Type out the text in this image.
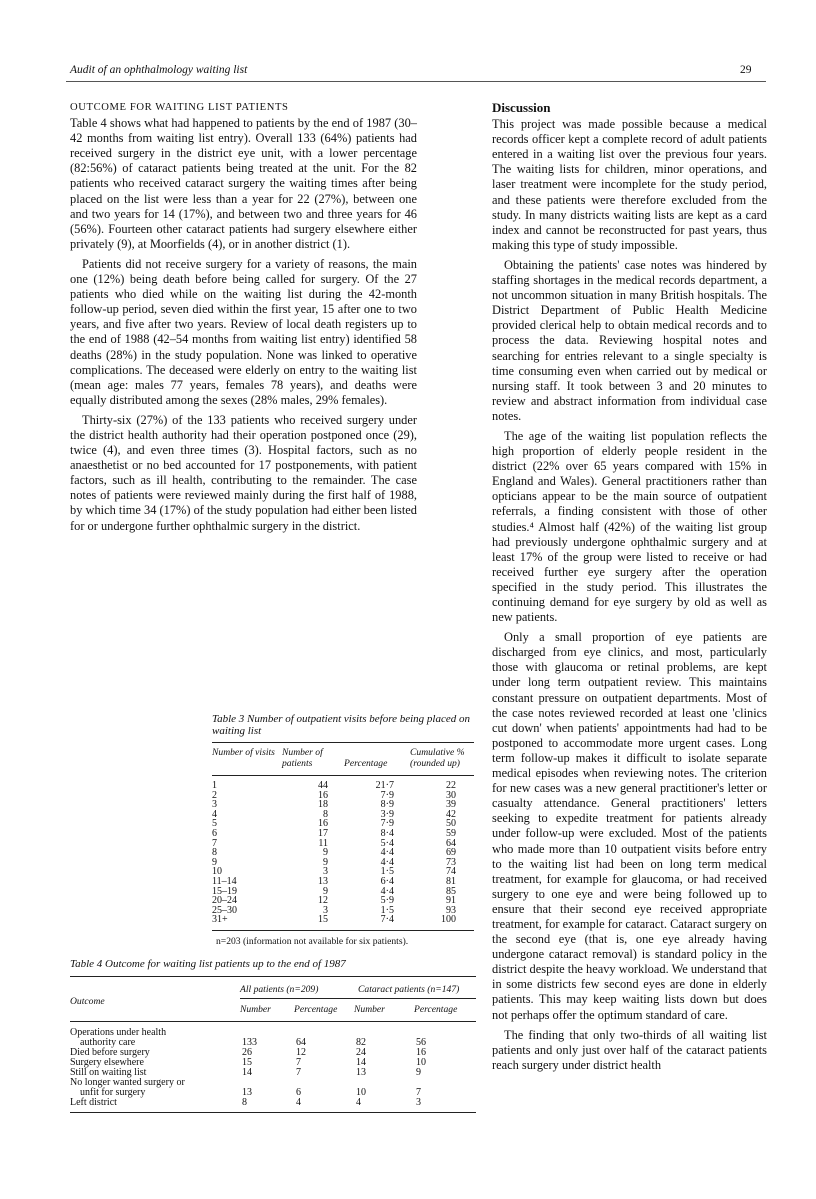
Audit of an ophthalmology waiting list	29
OUTCOME FOR WAITING LIST PATIENTS

Table 4 shows what had happened to patients by the end of 1987 (30–42 months from waiting list entry). Overall 133 (64%) patients had received surgery in the district eye unit, with a lower percentage (82:56%) of cataract patients being treated at the unit. For the 82 patients who received cataract surgery the waiting times after being placed on the list were less than a year for 22 (27%), between one and two years for 14 (17%), and between two and three years for 46 (56%). Fourteen other cataract patients had surgery elsewhere either privately (9), at Moorfields (4), or in another district (1).

Patients did not receive surgery for a variety of reasons, the main one (12%) being death before being called for surgery. Of the 27 patients who died while on the waiting list during the 42-month follow-up period, seven died within the first year, 15 after one to two years, and five after two years. Review of local death registers up to the end of 1988 (42–54 months from waiting list entry) identified 58 deaths (28%) in the study population. None was linked to operative complications. The deceased were elderly on entry to the waiting list (mean age: males 77 years, females 78 years), and deaths were equally distributed among the sexes (28% males, 29% females).

Thirty-six (27%) of the 133 patients who received surgery under the district health authority had their operation postponed once (29), twice (4), and even three times (3). Hospital factors, such as no anaesthetist or no bed accounted for 17 postponements, with patient factors, such as ill health, contributing to the remainder. The case notes of patients were reviewed mainly during the first half of 1988, by which time 34 (17%) of the study population had either been listed for or undergone further ophthalmic surgery in the district.

Table 3 Number of outpatient visits before being placed on waiting list
Number of visits	Number of patients	Percentage	Cumulative % (rounded up)
1	44	21·7	22
2	16	7·9	30
3	18	8·9	39
4	8	3·9	42
5	16	7·9	50
6	17	8·4	59
7	11	5·4	64
8	9	4·4	69
9	9	4·4	73
10	3	1·5	74
11–14	13	6·4	81
15–19	9	4·4	85
20–24	12	5·9	91
25–30	3	1·5	93
31+	15	7·4	100
n=203 (information not available for six patients).
Table 4 Outcome for waiting list patients up to the end of 1987
Outcome	All patients (n=209)		Cataract patients (n=147)	
	Number	Percentage	Number	Percentage

Operations under health
authority care	133	64	82	56

Died before surgery	26	12	24	16

Surgery elsewhere	15	7	14	10

Still on waiting list	14	7	13	9

No longer wanted surgery or
unfit for surgery	13	6	10	7

Left district	8	4	4	3
Discussion

This project was made possible because a medical records officer kept a complete record of adult patients entered in a waiting list over the previous four years. The waiting lists for children, minor operations, and laser treatment were incomplete for the study period, and these patients were therefore excluded from the study. In many districts waiting lists are kept as a card index and cannot be reconstructed for past years, thus making this type of study impossible.

Obtaining the patients' case notes was hindered by staffing shortages in the medical records department, a not uncommon situation in many British hospitals. The District Department of Public Health Medicine provided clerical help to obtain medical records and to process the data. Reviewing hospital notes and searching for entries relevant to a single specialty is time consuming even when carried out by medical or nursing staff. It took between 3 and 20 minutes to review and abstract information from individual case notes.

The age of the waiting list population reflects the high proportion of elderly people resident in the district (22% over 65 years compared with 15% in England and Wales). General practitioners rather than opticians appear to be the main source of outpatient referrals, a finding consistent with those of other studies.⁴ Almost half (42%) of the waiting list group had previously undergone ophthalmic surgery and at least 17% of the group were listed to receive or had received further eye surgery after the operation specified in the study period. This illustrates the continuing demand for eye surgery by old as well as new patients.

Only a small proportion of eye patients are discharged from eye clinics, and most, particularly those with glaucoma or retinal problems, are kept under long term outpatient review. This maintains constant pressure on outpatient departments. Most of the case notes reviewed recorded at least one 'clinics cut down' when patients' appointments had had to be postponed to accommodate more urgent cases. Long term follow-up makes it difficult to isolate separate medical episodes when reviewing notes. The criterion for new cases was a new general practitioner's letter or casualty attendance. General practitioners' letters seeking to expedite treatment for patients already under follow-up were excluded. Most of the patients who made more than 10 outpatient visits before entry to the waiting list had been on long term medical treatment, for example for glaucoma, or had received surgery to one eye and were being followed up to ensure that their second eye received appropriate treatment, for example for cataract. Cataract surgery on the second eye (that is, one eye already having undergone cataract removal) is standard policy in the district despite the heavy workload. We understand that in some districts few second eyes are done in elderly patients. This may keep waiting lists down but does not perhaps offer the optimum standard of care.

The finding that only two-thirds of all waiting list patients and only just over half of the cataract patients reach surgery under district health
